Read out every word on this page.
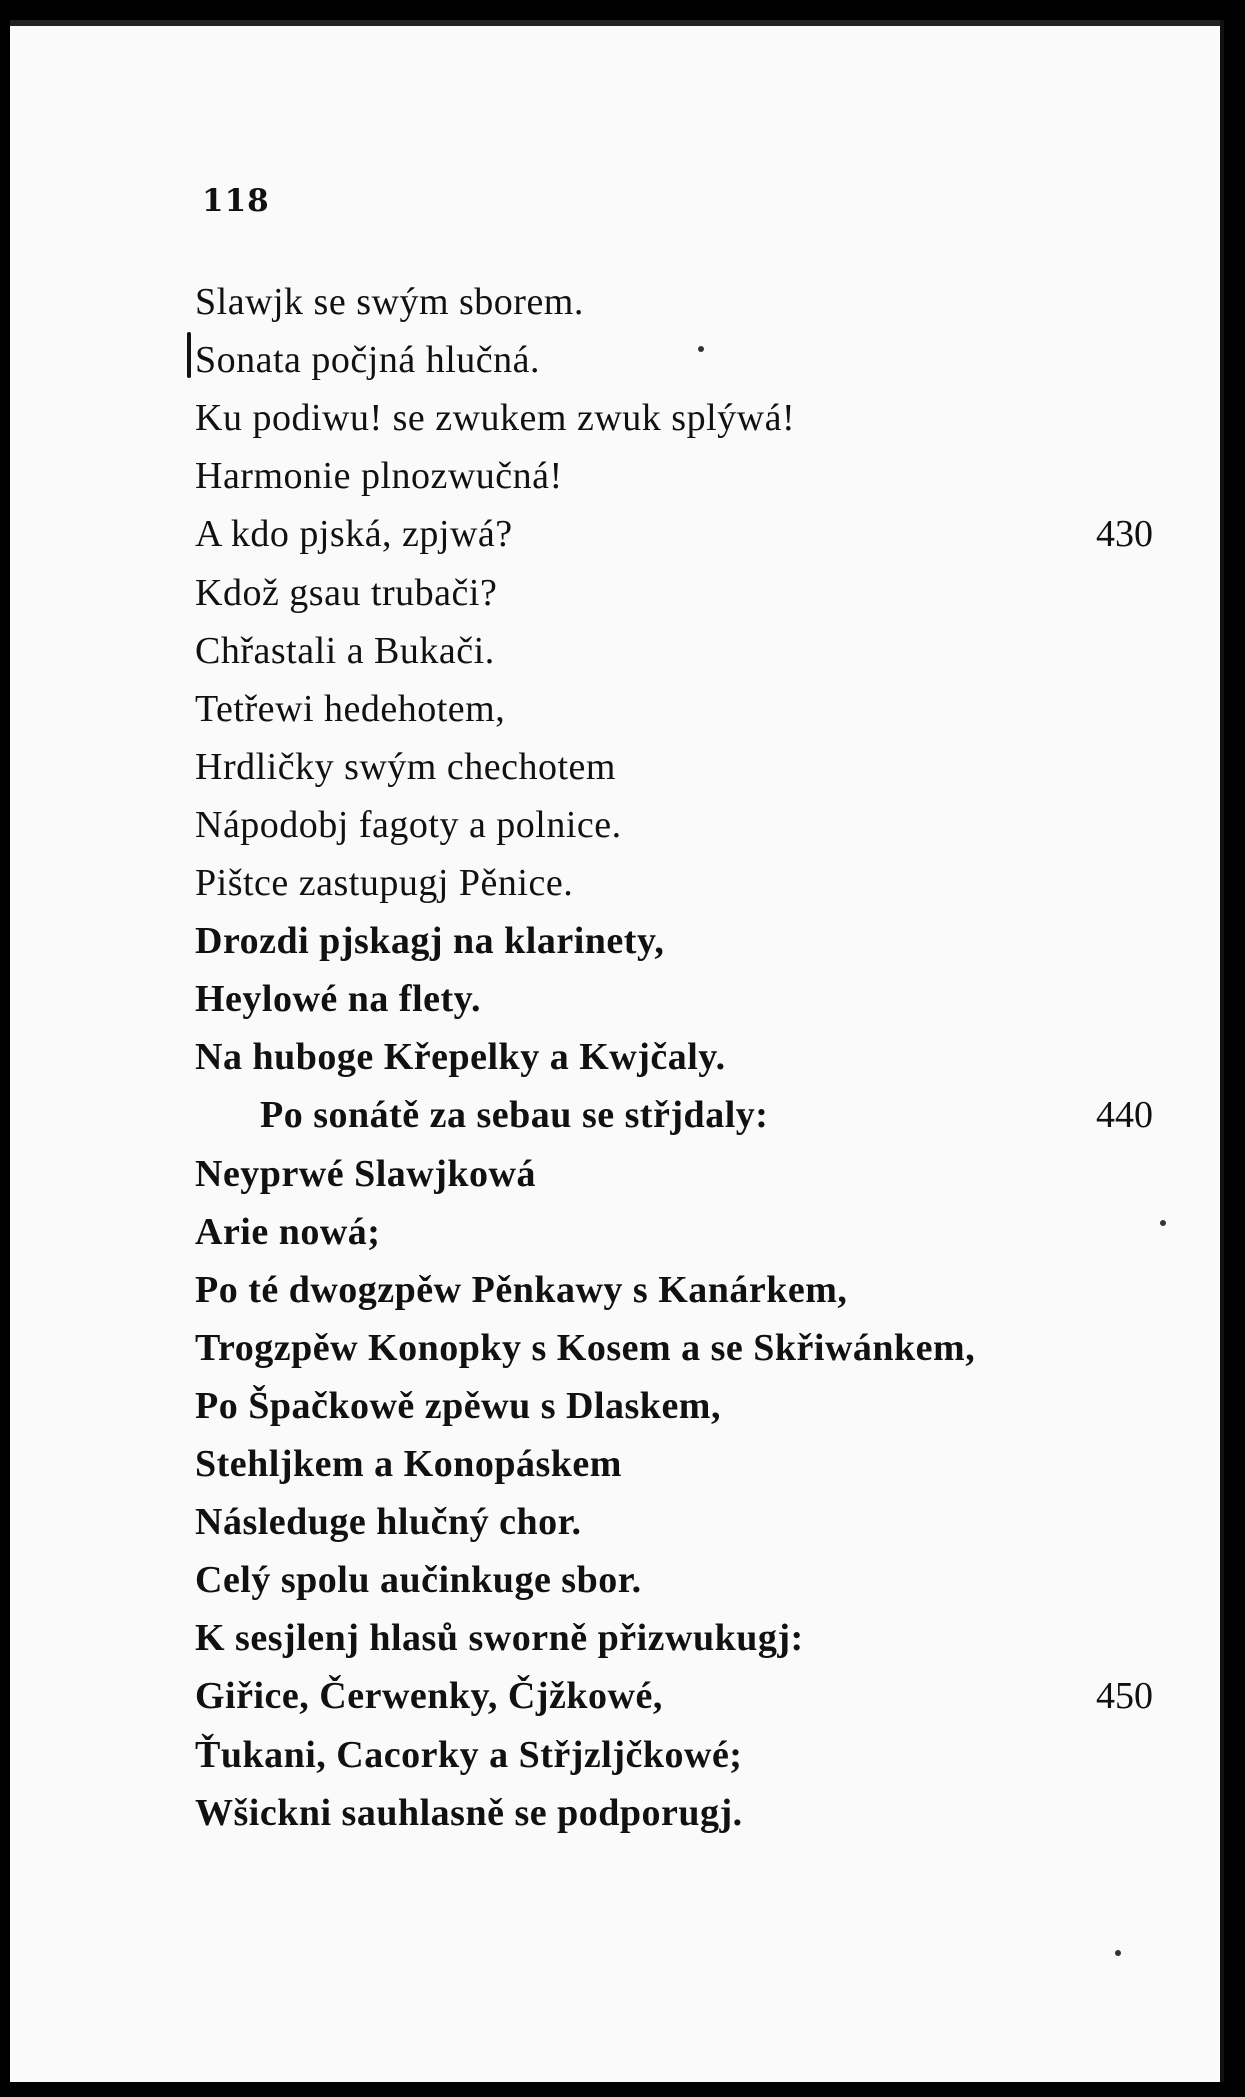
118
Slawjk se swým sborem.
Sonata počjná hlučná.
Ku podiwu! se zwukem zwuk splýwá!
Harmonie plnozwučná!
A kdo pjská, zpjwá?	430
Kdož gsau trubači?
Chřastali a Bukači.
Tetřewi hedehotem,
Hrdličky swým chechotem
Nápodobj fagoty a polnice.
Pištce zastupugj Pěnice.
Drozdi pjskagj na klarinety,
Heylowé na flety.
Na huboge Křepelky a Kwjčaly.
Po sonátě za sebau se střjdaly:	440
Neyprwé Slawjkowá
Arie nowá;
Po té dwogzpěw Pěnkawy s Kanárkem,
Trogzpěw Konopky s Kosem a se Skřiwánkem,
Po Špačkowě zpěwu s Dlaskem,
Stehljkem a Konopáskem
Následuge hlučný chor.
Celý spolu aučinkuge sbor.
K sesjlenj hlasů sworně přizwukugj:
Giřice, Čerwenky, Čjžkowé,	450
Ťukani, Cacorky a Střjzljčkowé;
Wšickni sauhlasně se podporugj.
